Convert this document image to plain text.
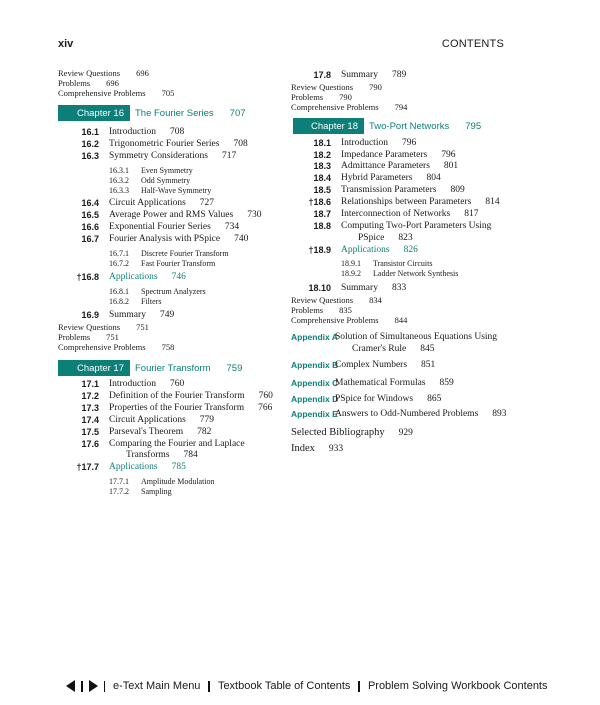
xiv	CONTENTS
Review Questions 696
Problems 696
Comprehensive Problems 705
Chapter 16	The Fourier Series	707
16.1 Introduction 708
16.2 Trigonometric Fourier Series 708
16.3 Symmetry Considerations 717
16.3.1 Even Symmetry
16.3.2 Odd Symmetry
16.3.3 Half-Wave Symmetry
16.4 Circuit Applications 727
16.5 Average Power and RMS Values 730
16.6 Exponential Fourier Series 734
16.7 Fourier Analysis with PSpice 740
16.7.1 Discrete Fourier Transform
16.7.2 Fast Fourier Transform
†16.8 Applications 746
16.8.1 Spectrum Analyzers
16.8.2 Filters
16.9 Summary 749
Review Questions 751
Problems 751
Comprehensive Problems 758
Chapter 17	Fourier Transform	759
17.1 Introduction 760
17.2 Definition of the Fourier Transform 760
17.3 Properties of the Fourier Transform 766
17.4 Circuit Applications 779
17.5 Parseval's Theorem 782
17.6 Comparing the Fourier and Laplace
Transforms 784
†17.7 Applications 785
17.7.1 Amplitude Modulation
17.7.2 Sampling
17.8 Summary 789
Review Questions 790
Problems 790
Comprehensive Problems 794
Chapter 18	Two-Port Networks	795
18.1 Introduction 796
18.2 Impedance Parameters 796
18.3 Admittance Parameters 801
18.4 Hybrid Parameters 804
18.5 Transmission Parameters 809
†18.6 Relationships between Parameters 814
18.7 Interconnection of Networks 817
18.8 Computing Two-Port Parameters Using
PSpice 823
†18.9 Applications 826
18.9.1 Transistor Circuits
18.9.2 Ladder Network Synthesis
18.10 Summary 833
Review Questions 834
Problems 835
Comprehensive Problems 844
Appendix A
Solution of Simultaneous Equations Using
Cramer's Rule 845
Appendix B
Complex Numbers 851
Appendix C
Mathematical Formulas 859
Appendix D
PSpice for Windows 865
Appendix E
Answers to Odd-Numbered Problems 893
Selected Bibliography 929
Index 933
e-Text Main Menu Textbook Table of Contents Problem Solving Workbook Contents
